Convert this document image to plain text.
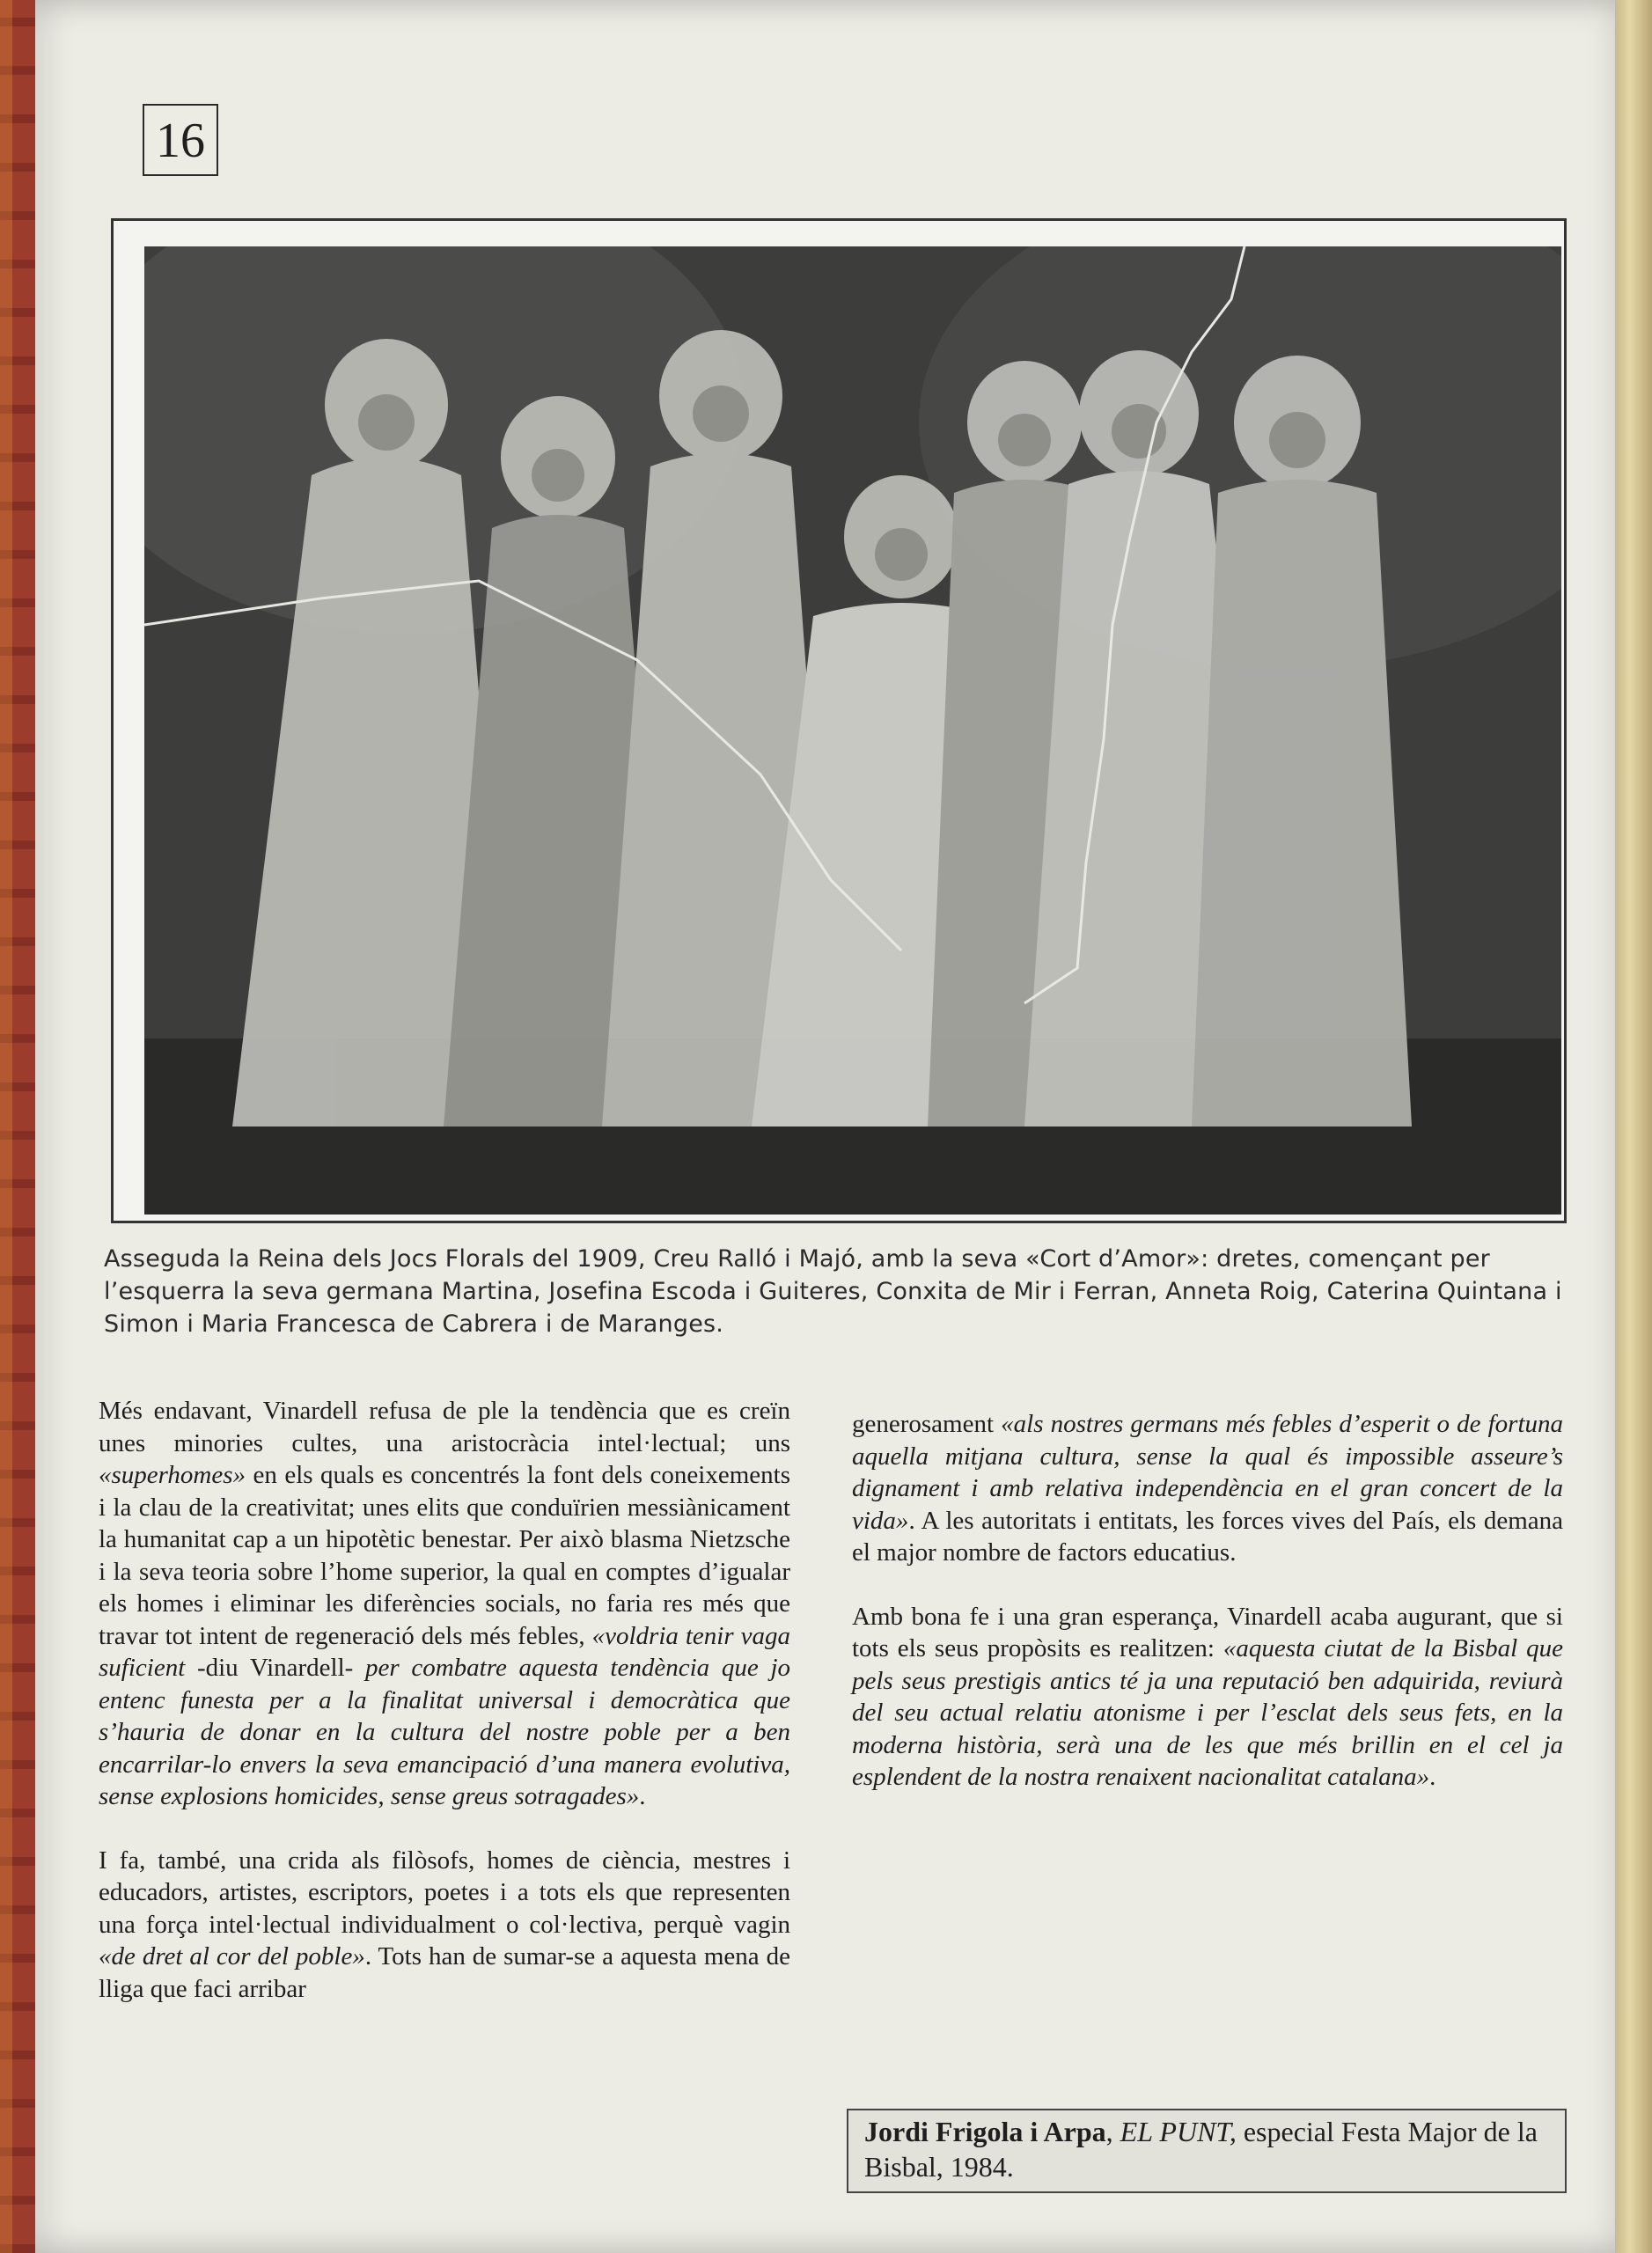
16
Asseguda la Reina dels Jocs Florals del 1909, Creu Ralló i Majó, amb la seva «Cort d’Amor»: dretes, començant per l’esquerra la seva germana Martina, Josefina Escoda i Guiteres, Conxita de Mir i Ferran, Anneta Roig, Caterina Quintana i Simon i Maria Francesca de Cabrera i de Maranges.

Més endavant, Vinardell refusa de ple la tendència que es creïn unes minories cultes, una aristocràcia intel·lectual; uns «superhomes» en els quals es concentrés la font dels coneixements i la clau de la creativitat; unes elits que conduïrien messiànicament la humanitat cap a un hipotètic benestar. Per això blasma Nietzsche i la seva teoria sobre l’home superior, la qual en comptes d’igualar els homes i eliminar les diferències socials, no faria res més que travar tot intent de regeneració dels més febles, «voldria tenir vaga suficient -diu Vinardell- per combatre aquesta tendència que jo entenc funesta per a la finalitat universal i democràtica que s’hauria de donar en la cultura del nostre poble per a ben encarrilar-lo envers la seva emancipació d’una manera evolutiva, sense explosions homicides, sense greus sotragades».

I fa, també, una crida als filòsofs, homes de ciència, mestres i educadors, artistes, escriptors, poetes i a tots els que representen una força intel·lectual individualment o col·lectiva, perquè vagin «de dret al cor del poble». Tots han de sumar-se a aquesta mena de lliga que faci arribar

generosament «als nostres germans més febles d’esperit o de fortuna aquella mitjana cultura, sense la qual és impossible asseure’s dignament i amb relativa independència en el gran concert de la vida». A les autoritats i entitats, les forces vives del País, els demana el major nombre de factors educatius.

Amb bona fe i una gran esperança, Vinardell acaba augurant, que si tots els seus propòsits es realitzen: «aquesta ciutat de la Bisbal que pels seus prestigis antics té ja una reputació ben adquirida, reviurà del seu actual relatiu atonisme i per l’esclat dels seus fets, en la moderna història, serà una de les que més brillin en el cel ja esplendent de la nostra renaixent nacionalitat catalana».

Jordi Frigola i Arpa, EL PUNT, especial Festa Major de la Bisbal, 1984.
